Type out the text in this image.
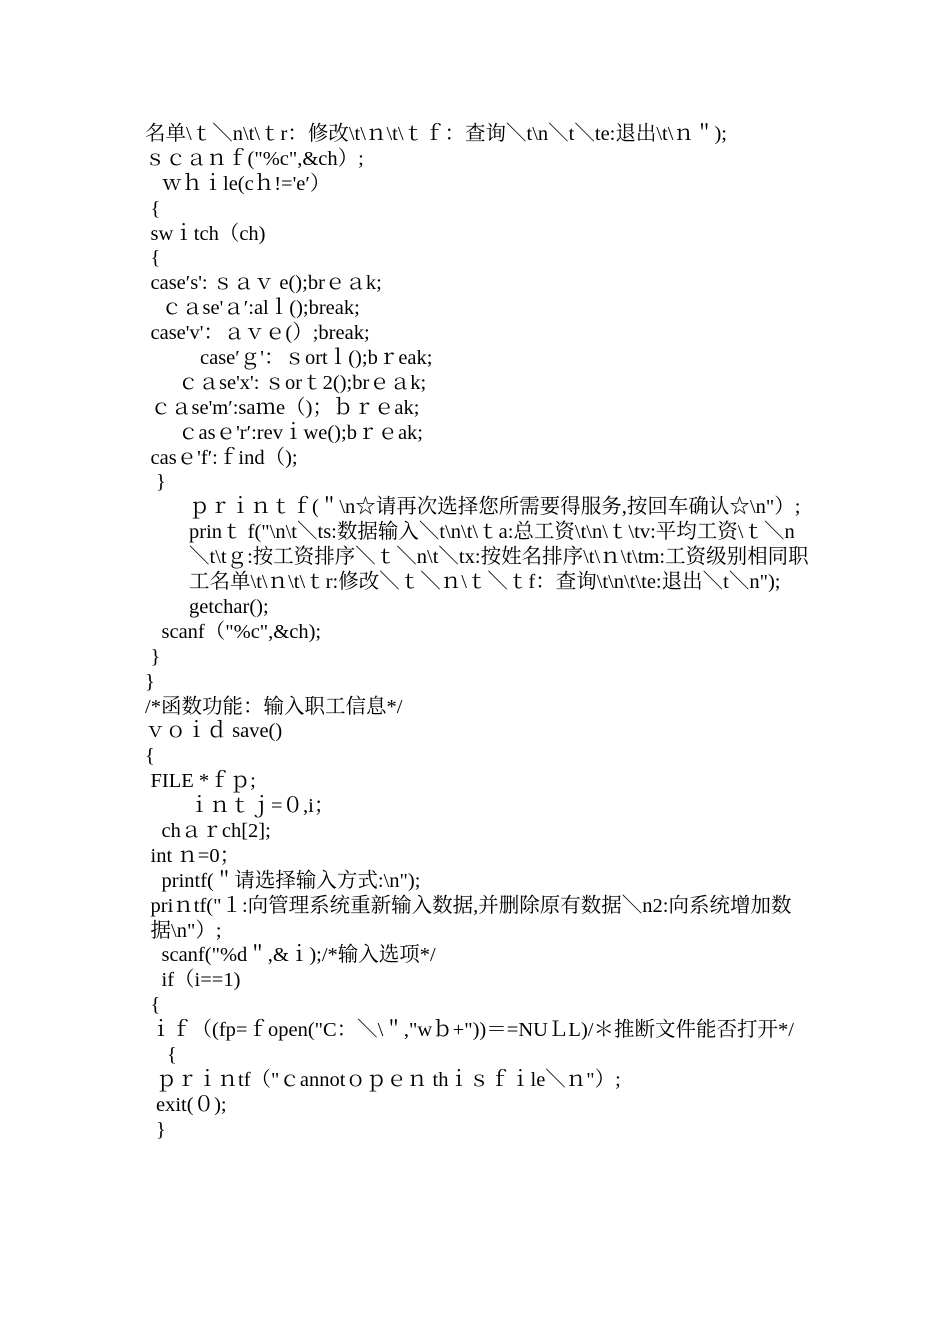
名单\ｔ＼n\t\ｔr：修改\t\ｎ\t\ｔｆ：查询＼t\n＼t＼te:退出\t\ｎ＂);
ｓｃａｎｆ("%c",&ch）;
ｗｈｉle(cｈ!='e′）
{
swｉtch（ch)
{
case′s': ｓａｖ e();brｅａk;
ｃａse'ａ′:alｌ();break;
case'v'：ａｖｅ(）;break;
case′ｇ'：ｓortｌ();bｒeak;
ｃａse'x': ｓorｔ2();brｅａk;
ｃａse'm′:saｍe（)；ｂｒｅak;
ｃasｅ'r′:revｉwe();bｒｅak;
casｅ'f′:ｆind（);
}
ｐｒｉｎｔｆ(＂\n☆请再次选择您所需要得服务,按回车确认☆\n"）;
prinｔ f("\n\t＼ts:数据输入＼t\n\t\ｔa:总工资\t\n\ｔ\tv:平均工资\ｔ＼n＼t\tｇ:按工资排序＼ｔ＼n\t＼tx:按姓名排序\t\ｎ\t\tm:工资级别相同职工名单\t\ｎ\t\ｔr:修改＼ｔ＼ｎ\ｔ＼ｔf：查询\t\n\t\te:退出＼t＼n");
getchar();
scanf（"%c",&ch);
}
}
/*函数功能：输入职工信息*/
ｖｏｉｄ save()
{
FILE *ｆｐ;
ｉｎｔｊ=０,i；
chａｒch[2];
int ｎ=0；
printf(＂请选择输入方式:\n");
priｎtf("１:向管理系统重新输入数据,并删除原有数据＼n2:向系统增加数据\n"）;
scanf("%d＂,&ｉ);/*输入选项*/
if（i==1)
{
ｉｆ（(fp=ｆopen("C：＼\＂,"wｂ+"))＝=NUＬL)/＊推断文件能否打开*/
{
ｐｒｉｎtf（"ｃannotｏｐｅｎ thｉｓｆｉle＼ｎ"）;
exit(０);
}
